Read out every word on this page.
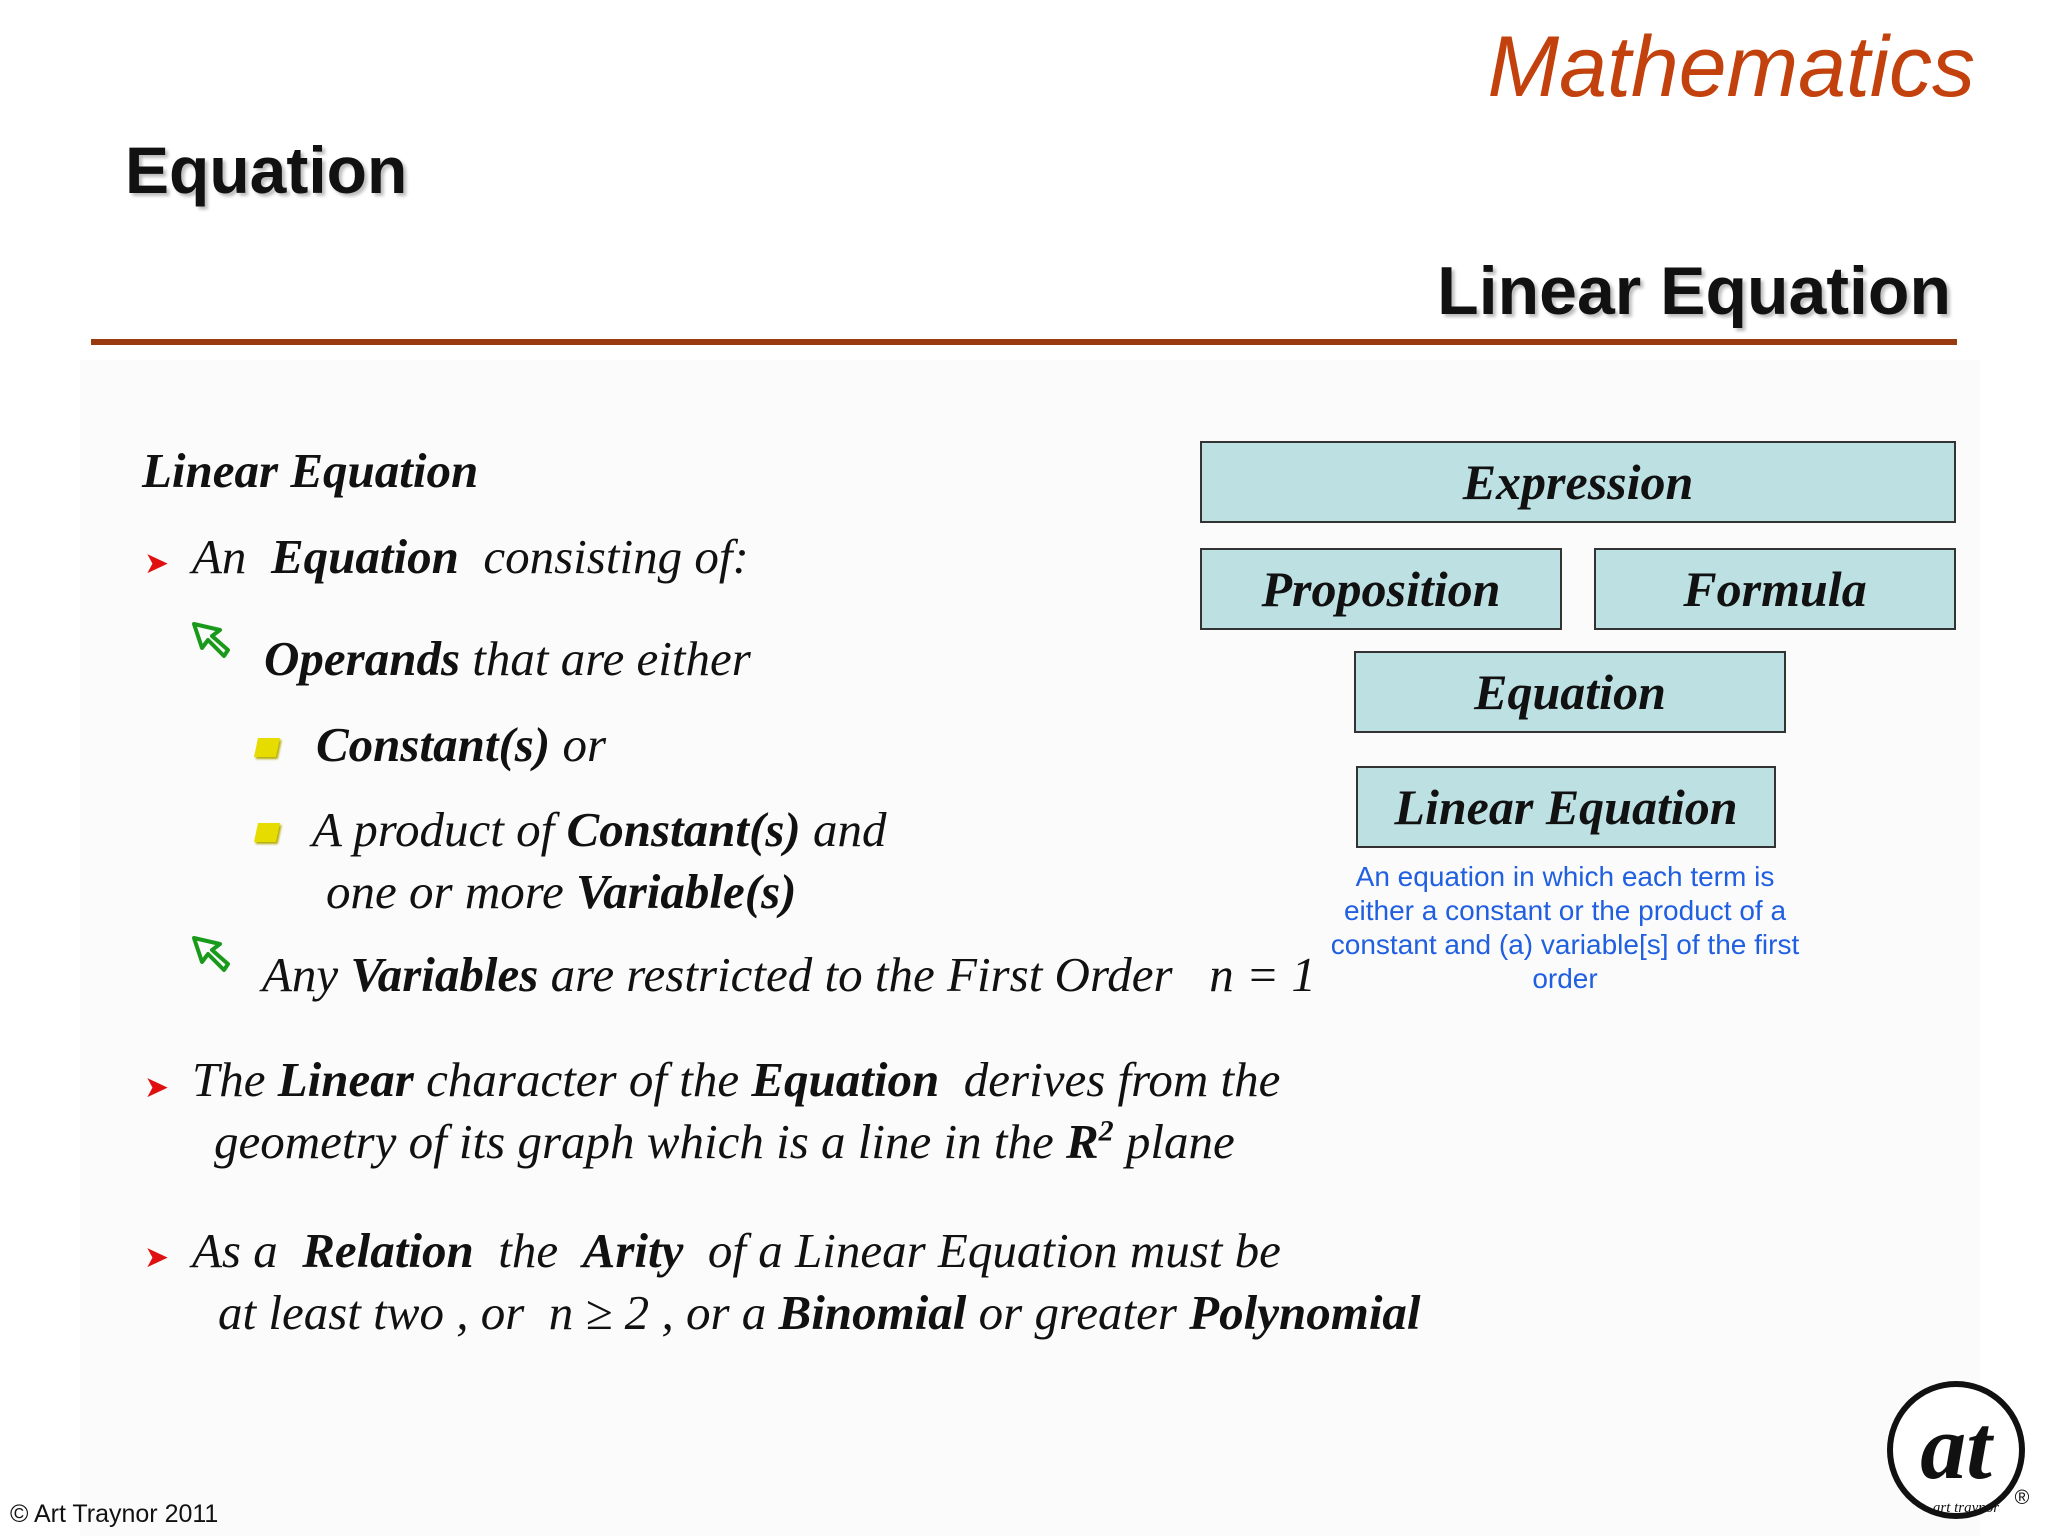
Mathematics
Equation
Linear Equation
Linear Equation
➤ An Equation consisting of:
Operands that are either
Constant(s) or
A product of Constant(s) and
one or more Variable(s)
Any Variables are restricted to the First Order n = 1
➤ The Linear character of the Equation derives from the
geometry of its graph which is a line in the $R^2$ plane
➤ As a Relation the Arity of a Linear Equation must be
at least two , or n ≥ 2 , or a Binomial or greater Polynomial
Expression
Proposition	Formula
Equation
Linear Equation
An equation in which each term is either a constant or the product of a constant and (a) variable[s] of the first order
© Art Traynor 2011
at
art traynor ®
